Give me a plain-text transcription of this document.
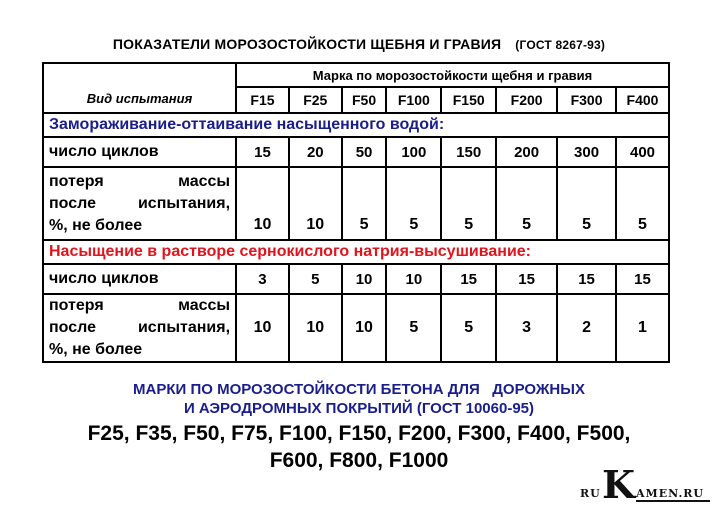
ПОКАЗАТЕЛИ МОРОЗОСТОЙКОСТИ ЩЕБНЯ И ГРАВИЯ (ГОСТ 8267-93)
Вид испытания	Марка по морозостойкости щебня и гравия							
	F15	F25	F50	F100	F150	F200	F300	F400
Замораживание-оттаивание насыщенного водой:								
число циклов	15	20	50	100	150	200	300	400

потеря массы
после испытания,
%, не более	10	10	5	5	5	5	5	5
Насыщение в растворе сернокислого натрия-высушивание:								
число циклов	3	5	10	10	15	15	15	15

потеря массы
после испытания,
%, не более	10	10	10	5	5	3	2	1
МАРКИ ПО МОРОЗОСТОЙКОСТИ БЕТОНА ДЛЯ   ДОРОЖНЫХ
И АЭРОДРОМНЫХ ПОКРЫТИЙ (ГОСТ 10060-95)
F25, F35, F50, F75, F100, F150, F200, F300, F400, F500,
F600, F800, F1000
RU K AMEN.RU
